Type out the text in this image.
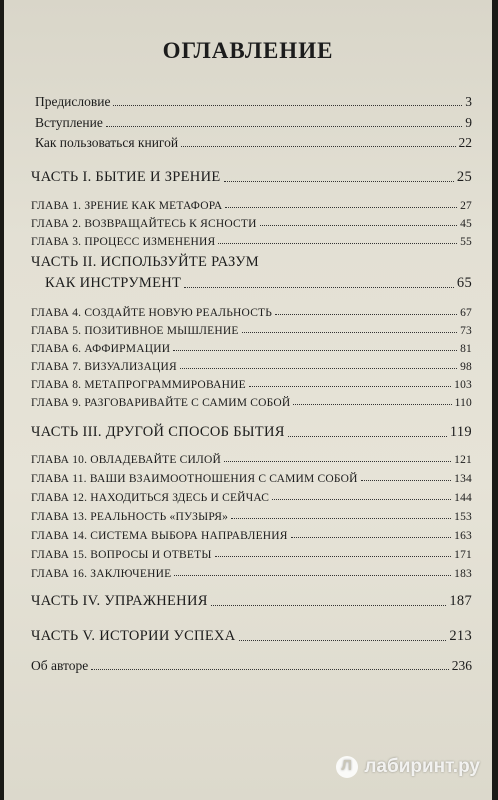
ОГЛАВЛЕНИЕ
Предисловие	3
Вступление	9
Как пользоваться книгой	22
ЧАСТЬ I. БЫТИЕ И ЗРЕНИЕ	25
ГЛАВА 1. ЗРЕНИЕ КАК МЕТАФОРА	27
ГЛАВА 2. ВОЗВРАЩАЙТЕСЬ К ЯСНОСТИ	45
ГЛАВА 3. ПРОЦЕСС ИЗМЕНЕНИЯ	55
ЧАСТЬ II. ИСПОЛЬЗУЙТЕ РАЗУМ
КАК ИНСТРУМЕНТ	65
ГЛАВА 4. СОЗДАЙТЕ НОВУЮ РЕАЛЬНОСТЬ	67
ГЛАВА 5. ПОЗИТИВНОЕ МЫШЛЕНИЕ	73
ГЛАВА 6. АФФИРМАЦИИ	81
ГЛАВА 7. ВИЗУАЛИЗАЦИЯ	98
ГЛАВА 8. МЕТАПРОГРАММИРОВАНИЕ	103
ГЛАВА 9. РАЗГОВАРИВАЙТЕ С САМИМ СОБОЙ	110
ЧАСТЬ III. ДРУГОЙ СПОСОБ БЫТИЯ	119
ГЛАВА 10. ОВЛАДЕВАЙТЕ СИЛОЙ	121
ГЛАВА 11. ВАШИ ВЗАИМООТНОШЕНИЯ С САМИМ СОБОЙ	134
ГЛАВА 12. НАХОДИТЬСЯ ЗДЕСЬ И СЕЙЧАС	144
ГЛАВА 13. РЕАЛЬНОСТЬ «ПУЗЫРЯ»	153
ГЛАВА 14. СИСТЕМА ВЫБОРА НАПРАВЛЕНИЯ	163
ГЛАВА 15. ВОПРОСЫ И ОТВЕТЫ	171
ГЛАВА 16. ЗАКЛЮЧЕНИЕ	183
ЧАСТЬ IV. УПРАЖНЕНИЯ	187
ЧАСТЬ V. ИСТОРИИ УСПЕХА	213
Об авторе	236
Л
лабиринт.ру
